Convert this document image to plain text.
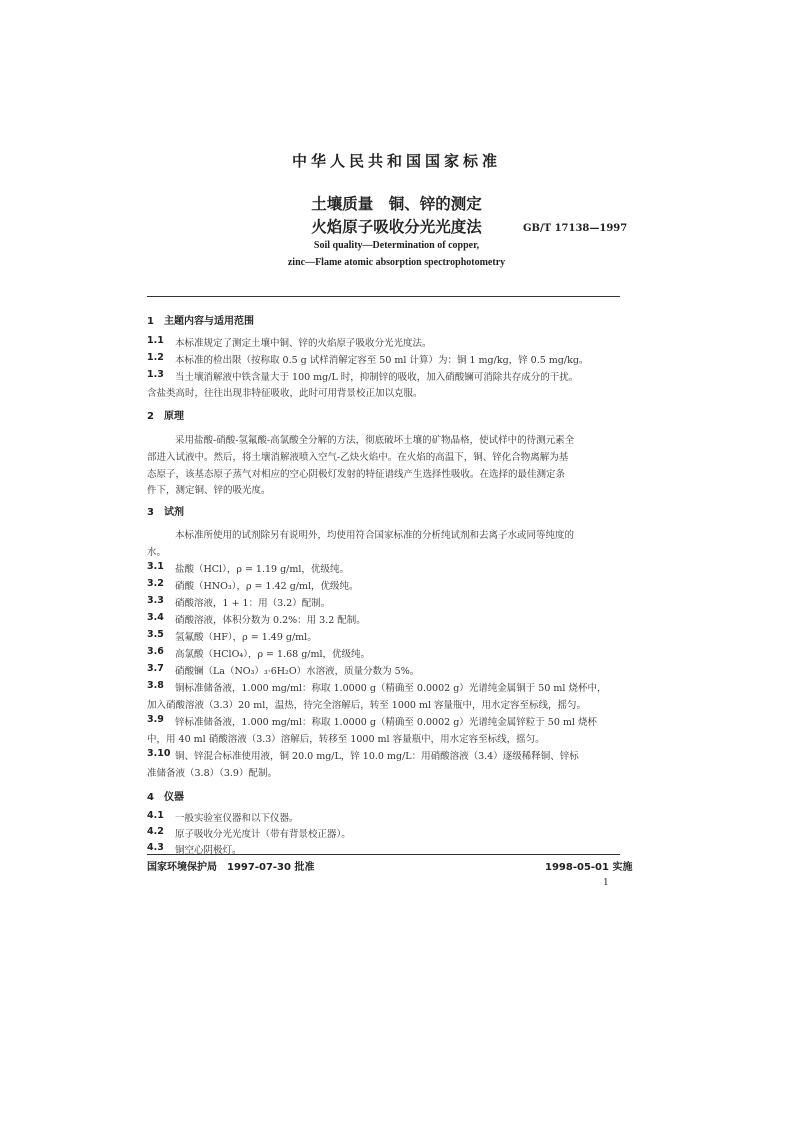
中华人民共和国国家标准
土壤质量　铜、锌的测定
火焰原子吸收分光光度法	GB/T 17138—1997
Soil quality—Determination of copper,
zinc—Flame atomic absorption spectrophotometry
1　主题内容与适用范围
1.1 本标准规定了测定土壤中铜、锌的火焰原子吸收分光光度法。
1.2 本标准的检出限（按称取 0.5 g 试样消解定容至 50 ml 计算）为：铜 1 mg/kg，锌 0.5 mg/kg。
1.3 当土壤消解液中铁含量大于 100 mg/L 时，抑制锌的吸收，加入硝酸镧可消除共存成分的干扰。
含盐类高时，往往出现非特征吸收，此时可用背景校正加以克服。
2　原理
采用盐酸-硝酸-氢氟酸-高氯酸全分解的方法，彻底破坏土壤的矿物晶格，使试样中的待测元素全
部进入试液中。然后，将土壤消解液喷入空气-乙炔火焰中。在火焰的高温下，铜、锌化合物离解为基
态原子，该基态原子蒸气对相应的空心阴极灯发射的特征谱线产生选择性吸收。在选择的最佳测定条
件下，测定铜、锌的吸光度。
3　试剂
本标准所使用的试剂除另有说明外，均使用符合国家标准的分析纯试剂和去离子水或同等纯度的
水。
3.1 盐酸（HCl），ρ = 1.19 g/ml，优级纯。
3.2 硝酸（HNO₃），ρ = 1.42 g/ml，优级纯。
3.3 硝酸溶液，1 + 1：用（3.2）配制。
3.4 硝酸溶液，体积分数为 0.2%：用 3.2 配制。
3.5 氢氟酸（HF），ρ = 1.49 g/ml。
3.6 高氯酸（HClO₄），ρ = 1.68 g/ml，优级纯。
3.7 硝酸镧（La（NO₃）₃·6H₂O）水溶液，质量分数为 5%。
3.8 铜标准储备液，1.000 mg/ml：称取 1.0000 g（精确至 0.0002 g）光谱纯金属铜于 50 ml 烧杯中，
加入硝酸溶液（3.3）20 ml，温热，待完全溶解后，转至 1000 ml 容量瓶中，用水定容至标线，摇匀。
3.9 锌标准储备液，1.000 mg/ml：称取 1.0000 g（精确至 0.0002 g）光谱纯金属锌粒于 50 ml 烧杯
中，用 40 ml 硝酸溶液（3.3）溶解后，转移至 1000 ml 容量瓶中，用水定容至标线，摇匀。
3.10 铜、锌混合标准使用液，铜 20.0 mg/L，锌 10.0 mg/L：用硝酸溶液（3.4）逐级稀释铜、锌标
准储备液（3.8）（3.9）配制。
4　仪器
4.1 一般实验室仪器和以下仪器。
4.2 原子吸收分光光度计（带有背景校正器）。
4.3 铜空心阴极灯。
国家环境保护局　1997-07-30 批准	1998-05-01 实施
1
